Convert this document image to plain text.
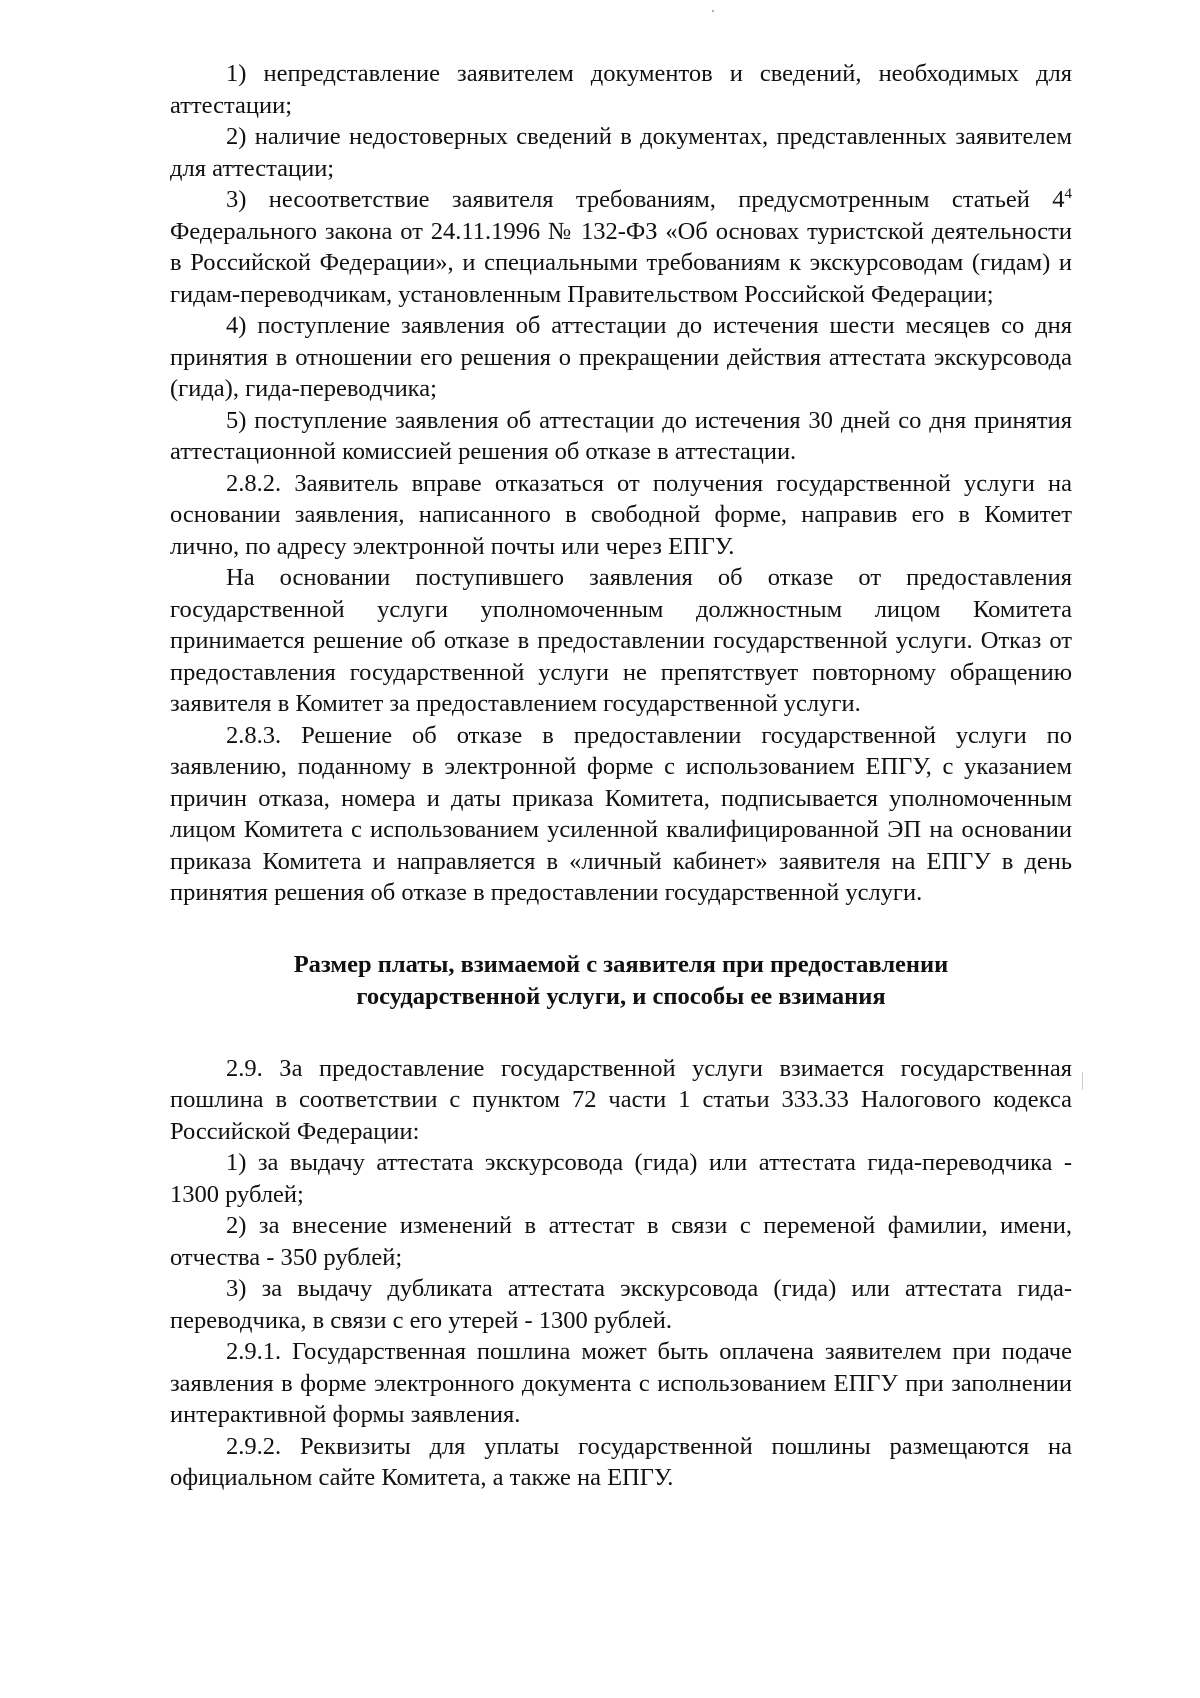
1) непредставление заявителем документов и сведений, необходимых для аттестации;

2) наличие недостоверных сведений в документах, представленных заявителем для аттестации;

3) несоответствие заявителя требованиям, предусмотренным статьей $4^4$ Федерального закона от 24.11.1996 № 132-ФЗ «Об основах туристской деятельности в Российской Федерации», и специальными требованиям к экскурсоводам (гидам) и гидам-переводчикам, установленным Правительством Российской Федерации;

4) поступление заявления об аттестации до истечения шести месяцев со дня принятия в отношении его решения о прекращении действия аттестата экскурсовода (гида), гида-переводчика;

5) поступление заявления об аттестации до истечения 30 дней со дня принятия аттестационной комиссией решения об отказе в аттестации.

2.8.2. Заявитель вправе отказаться от получения государственной услуги на основании заявления, написанного в свободной форме, направив его в Комитет лично, по адресу электронной почты или через ЕПГУ.

На основании поступившего заявления об отказе от предоставления государственной услуги уполномоченным должностным лицом Комитета принимается решение об отказе в предоставлении государственной услуги. Отказ от предоставления государственной услуги не препятствует повторному обращению заявителя в Комитет за предоставлением государственной услуги.

2.8.3. Решение об отказе в предоставлении государственной услуги по заявлению, поданному в электронной форме с использованием ЕПГУ, с указанием причин отказа, номера и даты приказа Комитета, подписывается уполномоченным лицом Комитета с использованием усиленной квалифицированной ЭП на основании приказа Комитета и направляется в «личный кабинет» заявителя на ЕПГУ в день принятия решения об отказе в предоставлении государственной услуги.

Размер платы, взимаемой с заявителя при предоставлении
государственной услуги, и способы ее взимания

2.9. За предоставление государственной услуги взимается государственная пошлина в соответствии с пунктом 72 части 1 статьи 333.33 Налогового кодекса Российской Федерации:

1) за выдачу аттестата экскурсовода (гида) или аттестата гида-переводчика - 1300 рублей;

2) за внесение изменений в аттестат в связи с переменой фамилии, имени, отчества - 350 рублей;

3) за выдачу дубликата аттестата экскурсовода (гида) или аттестата гида-переводчика, в связи с его утерей - 1300 рублей.

2.9.1. Государственная пошлина может быть оплачена заявителем при подаче заявления в форме электронного документа с использованием ЕПГУ при заполнении интерактивной формы заявления.

2.9.2. Реквизиты для уплаты государственной пошлины размещаются на официальном сайте Комитета, а также на ЕПГУ.
